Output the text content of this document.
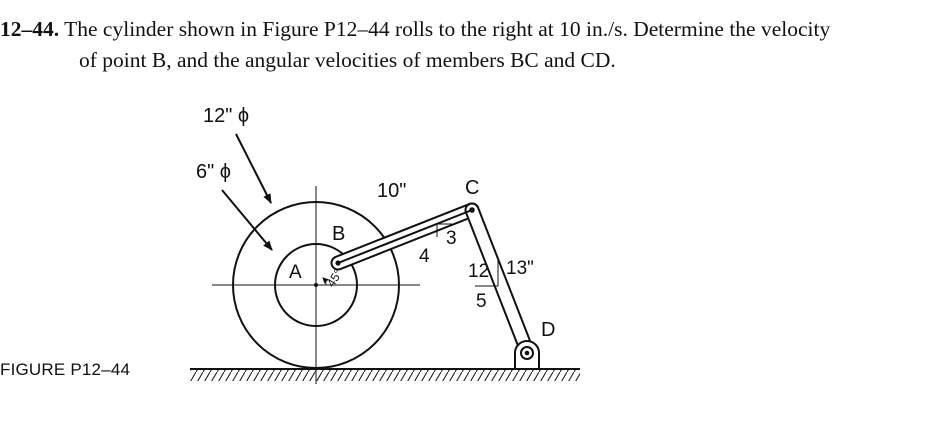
12–44. The cylinder shown in Figure P12–44 rolls to the right at 10 in./s. Determine the velocity
of point B, and the angular velocities of members BC and CD.
12" ϕ
6" ϕ
10"	C
B
A 45°
3
4
12 13"
5
D
FIGURE P12–44
